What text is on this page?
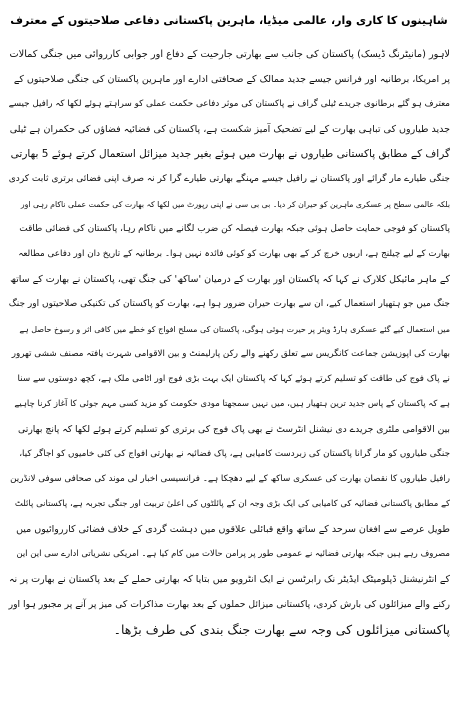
شاہینوں کا کاری وار، عالمی میڈیا، ماہرین پاکستانی دفاعی صلاحیتوں کے معترف
لاہور (مانیٹرنگ ڈیسک) پاکستان کی جانب سے بھارتی جارحیت کے دفاع اور جوابی کارروائی میں جنگی کمالات
پر امریکا، برطانیہ اور فرانس جیسے جدید ممالک کے صحافتی ادارے اور ماہرین پاکستان کی جنگی صلاحیتوں کے
معترف ہو گئے برطانوی جریدے ٹیلی گراف نے پاکستان کی موثر دفاعی حکمت عملی کو سراہتے ہوئے لکھا کہ رافیل جیسے
جدید طیاروں کی تباہی بھارت کے لیے تضحیک آمیز شکست ہے، پاکستان کی فضائیہ فضاؤں کی حکمران ہے ٹیلی
گراف کے مطابق پاکستانی طیاروں نے بھارت میں ہوئے بغیر جدید میزائل استعمال کرتے ہوئے 5 بھارتی
جنگی طیارے مار گرائے اور پاکستان نے رافیل جیسے مہنگے بھارتی طیارے گرا کر نہ صرف اپنی فضائی برتری ثابت کردی
بلکہ عالمی سطح پر عسکری ماہرین کو حیران کر دیا۔ بی بی سی نے اپنی رپورٹ میں لکھا کہ بھارت کی حکمت عملی ناکام رہی اور
پاکستان کو فوجی حمایت حاصل ہوئی جبکہ بھارت فیصلہ کن ضرب لگانے میں ناکام رہا، پاکستان کی فضائی طاقت
بھارت کے لیے چیلنج ہے، اربوں خرچ کر کے بھی بھارت کو کوئی فائدہ نہیں ہوا۔ برطانیہ کے تاریخ دان اور دفاعی مطالعہ
کے ماہر مائیکل کلارک نے کہا کہ پاکستان اور بھارت کے درمیان 'ساکھ' کی جنگ تھی، پاکستان نے بھارت کے ساتھ
جنگ میں جو ہتھیار استعمال کیے، ان سے بھارت حیران ضرور ہوا ہے، بھارت کو پاکستان کی تکنیکی صلاحیتوں اور جنگ
میں استعمال کیے گئے عسکری ہارڈ ویئر پر حیرت ہوئی ہوگی، پاکستان کی مسلح افواج کو خطے میں کافی اثر و رسوخ حاصل ہے
بھارت کی اپوزیشن جماعت کانگریس سے تعلق رکھنے والے رکن پارلیمنٹ و بین الاقوامی شہرت یافتہ مصنف ششی تھرور
نے پاک فوج کی طاقت کو تسلیم کرتے ہوئے کہا کہ پاکستان ایک بہت بڑی فوج اور اٹامی ملک ہے، کچھ دوستوں سے سنا
ہے کہ پاکستان کے پاس جدید ترین ہتھیار ہیں، میں نہیں سمجھتا مودی حکومت کو مزید کسی مہم جوئی کا آغاز کرنا چاہیے
بین الاقوامی ملٹری جریدے دی نیشنل انٹرسٹ نے بھی پاک فوج کی برتری کو تسلیم کرتے ہوئے لکھا کہ پانچ بھارتی
جنگی طیاروں کو مار گرانا پاکستان کی زبردست کامیابی ہے، پاک فضائیہ نے بھارتی افواج کی کئی خامیوں کو اجاگر کیا،
رافیل طیاروں کا نقصان بھارت کی عسکری ساکھ کے لیے دھچکا ہے۔ فرانسیسی اخبار لی موند کی صحافی سوفی لانڈرین
کے مطابق پاکستانی فضائیہ کی کامیابی کی ایک بڑی وجہ ان کے پائلٹوں کی اعلیٰ تربیت اور جنگی تجربہ ہے، پاکستانی پائلٹ
طویل عرصے سے افغان سرحد کے ساتھ واقع قبائلی علاقوں میں دہشت گردی کے خلاف فضائی کارروائیوں میں
مصروف رہے ہیں جبکہ بھارتی فضائیہ نے عمومی طور پر پرامن حالات میں کام کیا ہے۔ امریکی نشریاتی ادارے سی این این
کے انٹرنیشنل ڈپلومیٹک ایڈیٹر نک رابرٹسن نے ایک انٹرویو میں بتایا کہ بھارتی حملے کے بعد پاکستان نے بھارت پر نہ
رکنے والے میزائلوں کی بارش کردی، پاکستانی میزائل حملوں کے بعد بھارت مذاکرات کی میز پر آنے پر مجبور ہوا اور
پاکستانی میزائلوں کی وجہ سے بھارت جنگ بندی کی طرف بڑھا۔
